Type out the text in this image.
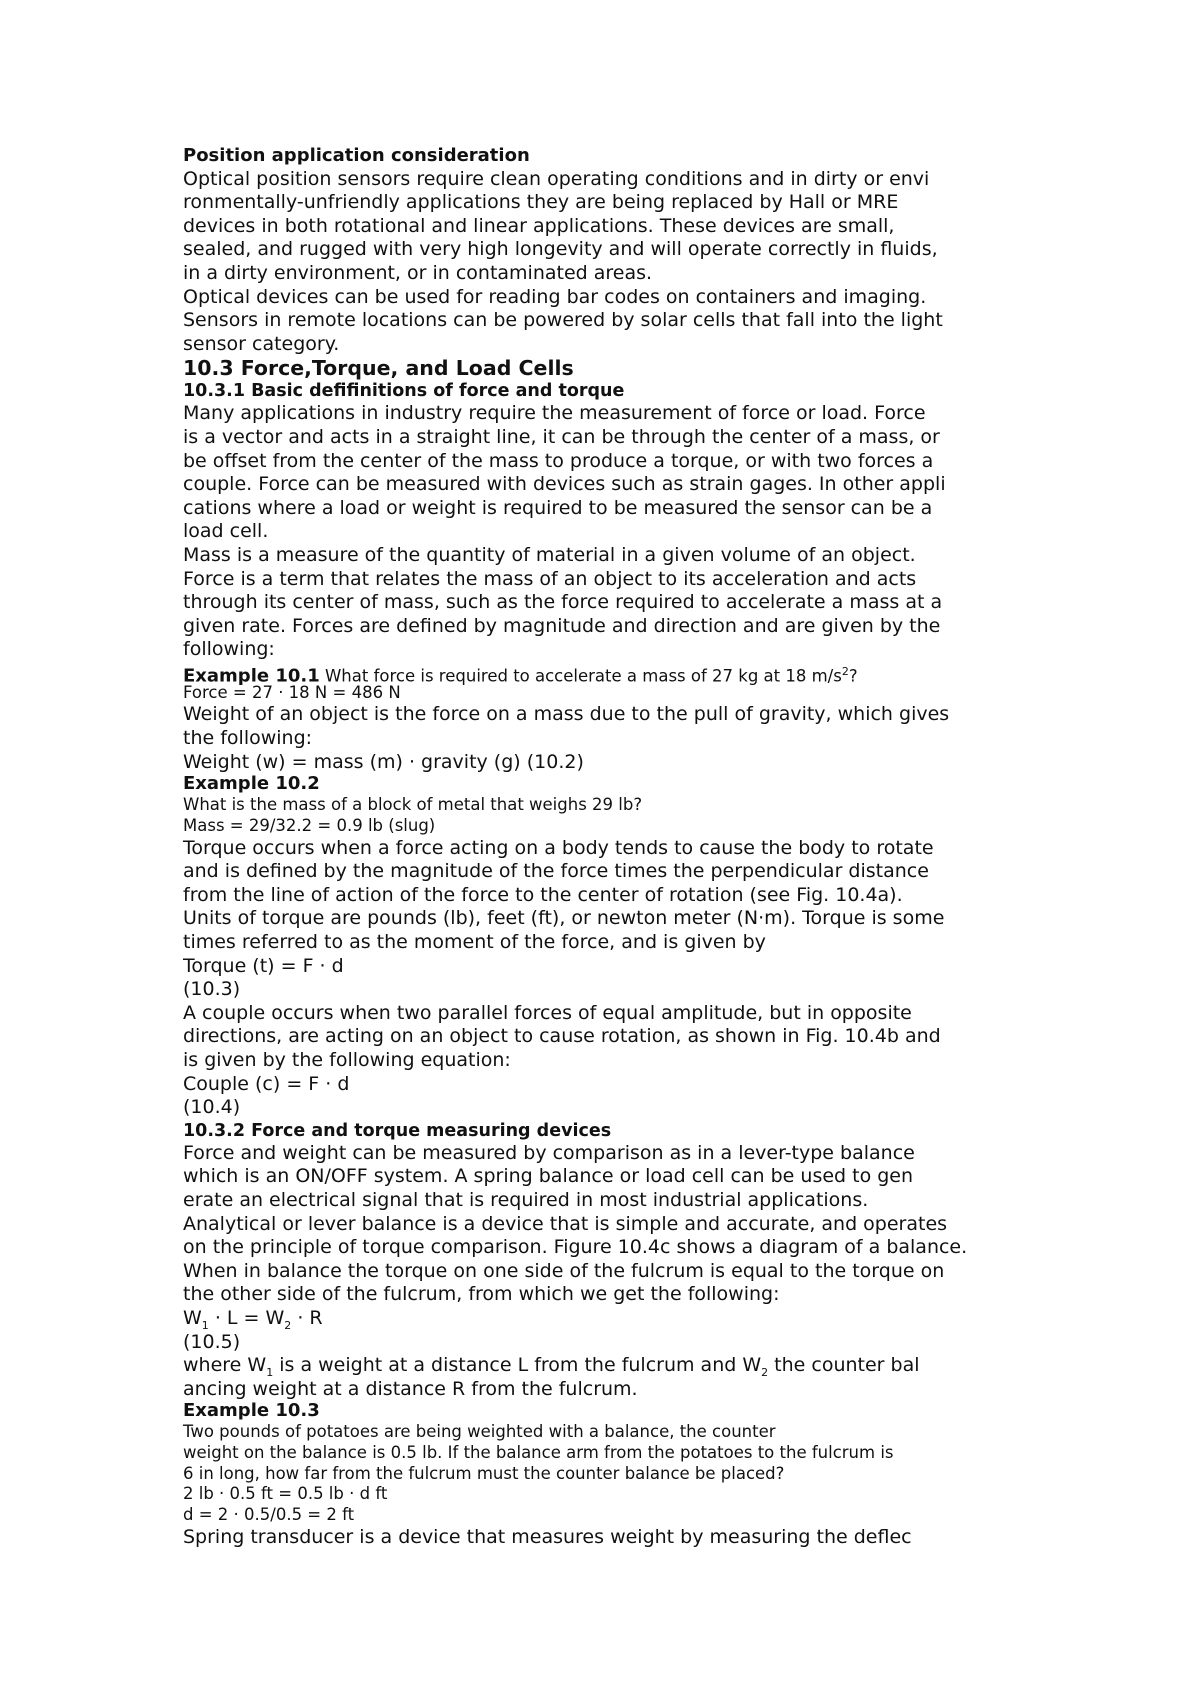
Position application consideration
Optical position sensors require clean operating conditions and in dirty or envi
ronmentally-unfriendly applications they are being replaced by Hall or MRE
devices in both rotational and linear applications. These devices are small,
sealed, and rugged with very high longevity and will operate correctly in fluids,
in a dirty environment, or in contaminated areas.
Optical devices can be used for reading bar codes on containers and imaging.
Sensors in remote locations can be powered by solar cells that fall into the light
sensor category.
10.3 Force,Torque, and Load Cells
10.3.1 Basic defifinitions of force and torque
Many applications in industry require the measurement of force or load. Force
is a vector and acts in a straight line, it can be through the center of a mass, or
be offset from the center of the mass to produce a torque, or with two forces a
couple. Force can be measured with devices such as strain gages. In other appli
cations where a load or weight is required to be measured the sensor can be a
load cell.
Mass is a measure of the quantity of material in a given volume of an object.
Force is a term that relates the mass of an object to its acceleration and acts
through its center of mass, such as the force required to accelerate a mass at a
given rate. Forces are defined by magnitude and direction and are given by the
following:
Example 10.1 What force is required to accelerate a mass of 27 kg at 18 $m/s^2$?
Force = 27 · 18 N = 486 N
Weight of an object is the force on a mass due to the pull of gravity, which gives
the following:
Weight (w) = mass (m) · gravity (g) (10.2)
Example 10.2
What is the mass of a block of metal that weighs 29 lb?
Mass = 29/32.2 = 0.9 lb (slug)
Torque occurs when a force acting on a body tends to cause the body to rotate
and is defined by the magnitude of the force times the perpendicular distance
from the line of action of the force to the center of rotation (see Fig. 10.4a).
Units of torque are pounds (lb), feet (ft), or newton meter (N·m). Torque is some
times referred to as the moment of the force, and is given by
Torque (t) = F · d
(10.3)
A couple occurs when two parallel forces of equal amplitude, but in opposite
directions, are acting on an object to cause rotation, as shown in Fig. 10.4b and
is given by the following equation:
Couple (c) = F · d
(10.4)
10.3.2 Force and torque measuring devices
Force and weight can be measured by comparison as in a lever-type balance
which is an ON/OFF system. A spring balance or load cell can be used to gen
erate an electrical signal that is required in most industrial applications.
Analytical or lever balance is a device that is simple and accurate, and operates
on the principle of torque comparison. Figure 10.4c shows a diagram of a balance.
When in balance the torque on one side of the fulcrum is equal to the torque on
the other side of the fulcrum, from which we get the following:
$W_1 \cdot L = W_2 \cdot R$
(10.5)
where $W_1$ is a weight at a distance L from the fulcrum and $W_2$ the counter bal
ancing weight at a distance R from the fulcrum.
Example 10.3
Two pounds of potatoes are being weighted with a balance, the counter
weight on the balance is 0.5 lb. If the balance arm from the potatoes to the fulcrum is
6 in long, how far from the fulcrum must the counter balance be placed?
2 lb · 0.5 ft = 0.5 lb · d ft
d = 2 · 0.5/0.5 = 2 ft
Spring transducer is a device that measures weight by measuring the deflec
